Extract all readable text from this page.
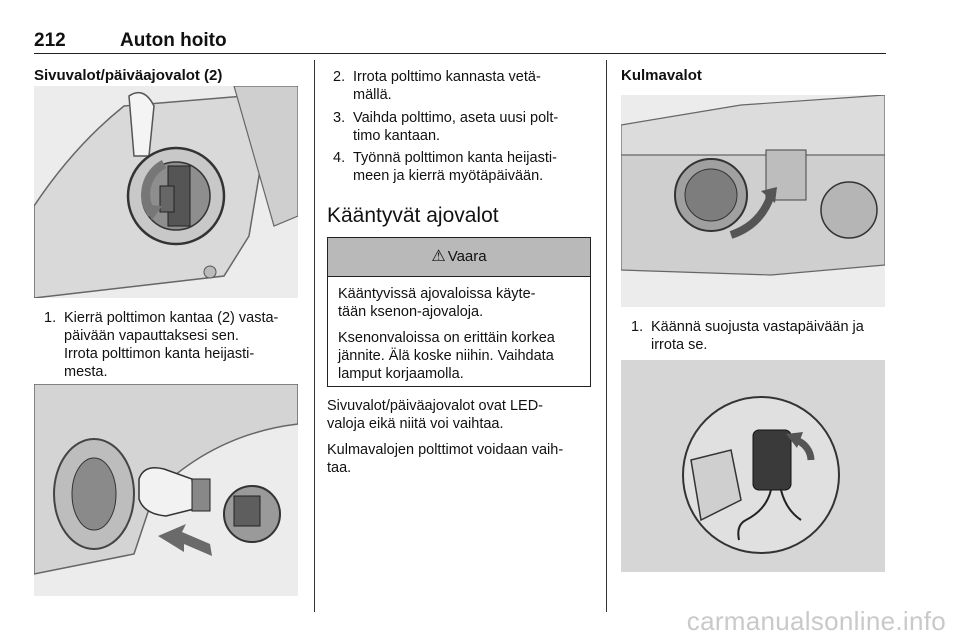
212	Auton hoito
Sivuvalot/päiväajovalot (2)
1. Kierrä polttimon kantaa (2) vasta-
päivään vapauttaksesi sen.
Irrota polttimon kanta heijasti-
mesta.
2. Irrota polttimo kannasta vetä-
mällä.
3. Vaihda polttimo, aseta uusi polt-
timo kantaan.
4. Työnnä polttimon kanta heijasti-
meen ja kierrä myötäpäivään.
Kääntyvät ajovalot
⚠ Vaara

Kääntyvissä ajovaloissa käyte-
tään ksenon-ajovaloja.

Ksenonvaloissa on erittäin korkea
jännite. Älä koske niihin. Vaihdata
lamput korjaamolla.

Sivuvalot/päiväajovalot ovat LED-
valoja eikä niitä voi vaihtaa.
Kulmavalojen polttimot voidaan vaih-
taa.
Kulmavalot
1. Käännä suojusta vastapäivään ja
irrota se.
carmanualsonline.info
